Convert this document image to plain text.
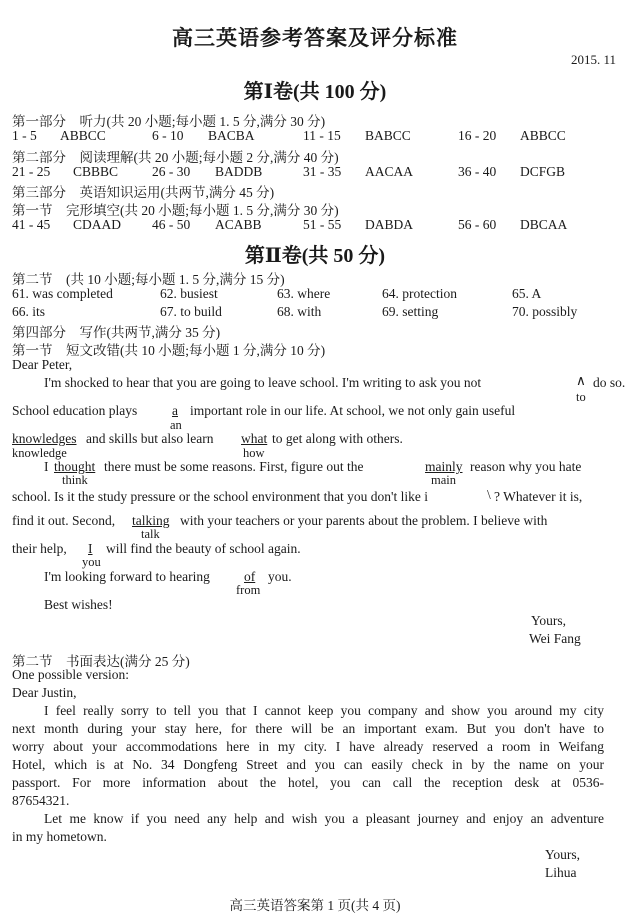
高三英语参考答案及评分标准
2015. 11
第Ⅰ卷(共 100 分)
第一部分　听力(共 20 小题;每小题 1. 5 分,满分 30 分)
1 - 5 ABBCC	6 - 10 BACBA	11 - 15 BABCC	16 - 20 ABBCC
第二部分　阅读理解(共 20 小题;每小题 2 分,满分 40 分)
21 - 25 CBBBC	26 - 30 BADDB	31 - 35 AACAA	36 - 40 DCFGB
第三部分　英语知识运用(共两节,满分 45 分)
第一节　完形填空(共 20 小题;每小题 1. 5 分,满分 30 分)
41 - 45 CDAAD 46 - 50 ACABB	51 - 55 DABDA	56 - 60 DBCAA
第Ⅱ卷(共 50 分)
第二节　(共 10 小题;每小题 1. 5 分,满分 15 分)
61. was completed	62. busiest	63. where	64. protection	65. A
66. its	67. to build	68. with	69. setting	70. possibly
第四部分　写作(共两节,满分 35 分)
第一节　短文改错(共 10 小题;每小题 1 分,满分 10 分)
Dear Peter,
I'm shocked to hear that you are going to leave school. I'm writing to ask you not	∧ do so.
to
School education plays	a important role in our life. At school, we not only gain useful
an
knowledges and skills but also learn what to get along with others.
knowledge	how
I thought there must be some reasons. First, figure out the	mainly reason why you hate
think	main
school. Is it the study pressure or the school environment that you don't like i	\ ? Whatever it is,
find it out. Second, talking with your teachers or your parents about the problem. I believe with
talk
their help, I will find the beauty of school again.
you
I'm looking forward to hearing	of you.
from
Best wishes!
Yours,
Wei Fang
第二节　书面表达(满分 25 分)
One possible version:
Dear Justin,
I feel really sorry to tell you that I cannot keep you company and show you around my city
next month during your stay here, for there will be an important exam. But you don't have to
worry about your accommodations here in my city. I have already reserved a room in Weifang
Hotel, which is at No. 34 Dongfeng Street and you can easily check in by the name on your
passport. For more information about the hotel, you can call the reception desk at 0536-
87654321.
Let me know if you need any help and wish you a pleasant journey and enjoy an adventure
in my hometown.
Yours,
Lihua
高三英语答案第 1 页(共 4 页)
